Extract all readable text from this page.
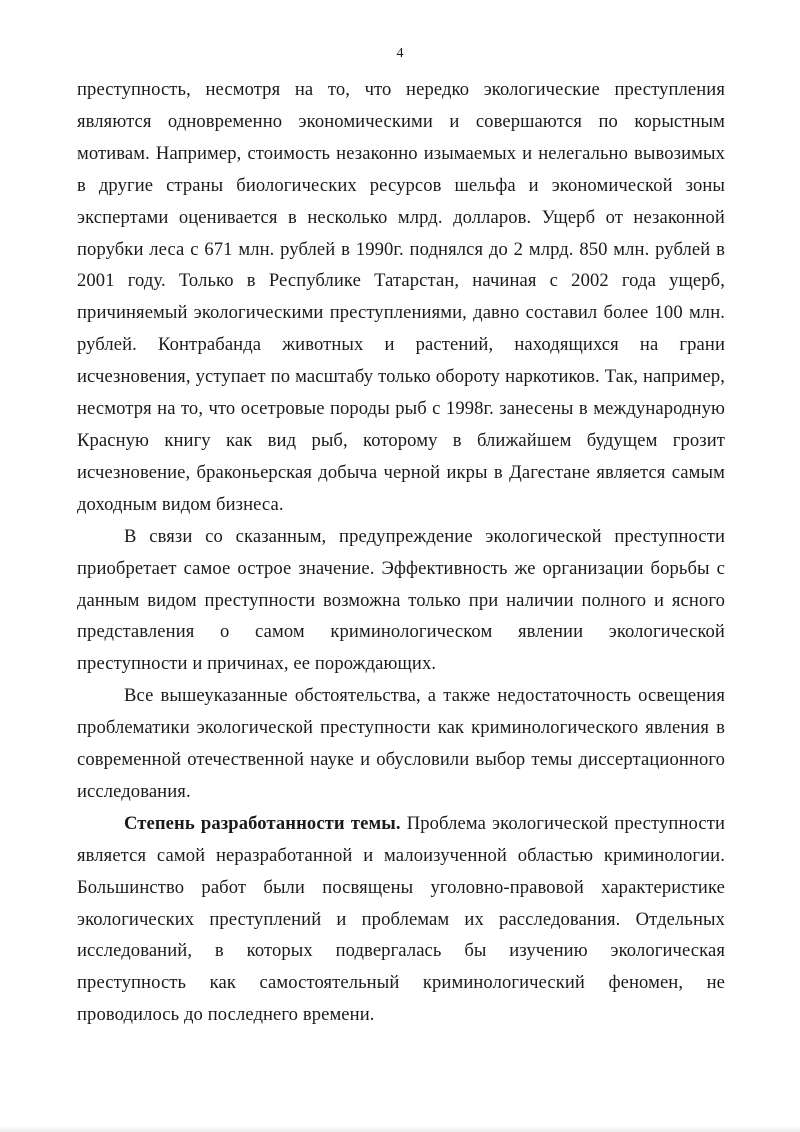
4

преступность, несмотря на то, что нередко экологические преступления являются одновременно экономическими и совершаются по корыстным мотивам. Например, стоимость незаконно изымаемых и нелегально вывозимых в другие страны биологических ресурсов шельфа и экономической зоны экспертами оценивается в несколько млрд. долларов. Ущерб от незаконной порубки леса с 671 млн. рублей в 1990г. поднялся до 2 млрд. 850 млн. рублей в 2001 году. Только в Республике Татарстан, начиная с 2002 года ущерб, причиняемый экологическими преступлениями, давно составил более 100 млн. рублей. Контрабанда животных и растений, находящихся на грани исчезновения, уступает по масштабу только обороту наркотиков. Так, например, несмотря на то, что осетровые породы рыб с 1998г. занесены в международную Красную книгу как вид рыб, которому в ближайшем будущем грозит исчезновение, браконьерская добыча черной икры в Дагестане является самым доходным видом бизнеса.

В связи со сказанным, предупреждение экологической преступности приобретает самое острое значение. Эффективность же организации борьбы с данным видом преступности возможна только при наличии полного и ясного представления о самом криминологическом явлении экологической преступности и причинах, ее порождающих.

Все вышеуказанные обстоятельства, а также недостаточность освещения проблематики экологической преступности как криминологического явления в современной отечественной науке и обусловили выбор темы диссертационного исследования.

Степень разработанности темы. Проблема экологической преступности является самой неразработанной и малоизученной областью криминологии. Большинство работ были посвящены уголовно-правовой характеристике экологических преступлений и проблемам их расследования. Отдельных исследований, в которых подвергалась бы изучению экологическая преступность как самостоятельный криминологический феномен, не проводилось до последнего времени.
